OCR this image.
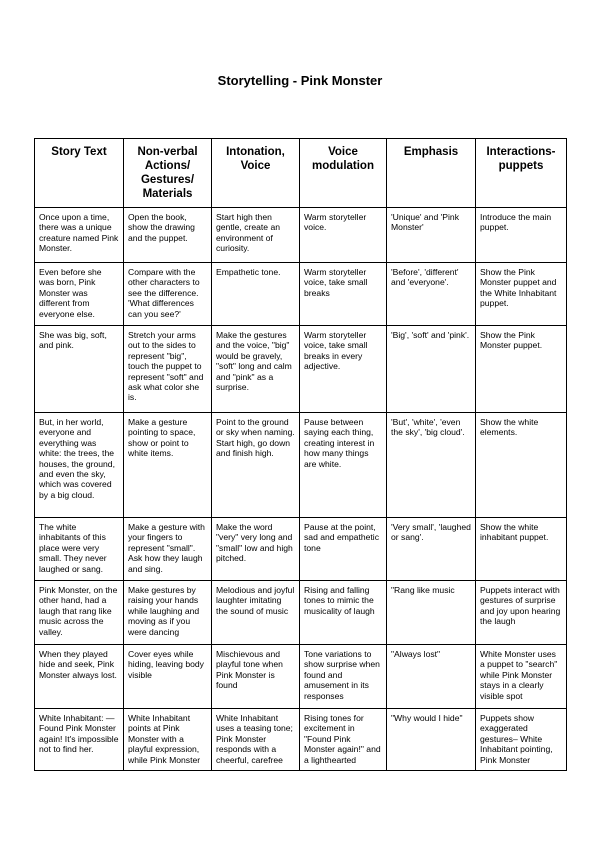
Storytelling - Pink Monster
Story Text	Non-verbal Actions/ Gestures/ Materials	Intonation, Voice	Voice modulation	Emphasis	Interactions-puppets
Once upon a time, there was a unique creature named Pink Monster.	Open the book, show the drawing and the puppet.	Start high then gentle, create an environment of curiosity.	Warm storyteller voice.	'Unique' and 'Pink Monster'	Introduce the main puppet.
Even before she was born, Pink Monster was different from everyone else.	Compare with the other characters to see the difference. 'What differences can you see?'	Empathetic tone.	Warm storyteller voice, take small breaks	'Before', 'different' and 'everyone'.	Show the Pink Monster puppet and the White Inhabitant puppet.
She was big, soft, and pink.	Stretch your arms out to the sides to represent "big", touch the puppet to represent "soft" and ask what color she is.	Make the gestures and the voice, "big" would be gravely, "soft" long and calm and "pink" as a surprise.	Warm storyteller voice, take small breaks in every adjective.	'Big', 'soft' and 'pink'.	Show the Pink Monster puppet.
But, in her world, everyone and everything was white: the trees, the houses, the ground, and even the sky, which was covered by a big cloud.	Make a gesture pointing to space, show or point to white items.	Point to the ground or sky when naming. Start high, go down and finish high.	Pause between saying each thing, creating interest in how many things are white.	'But', 'white', 'even the sky', 'big cloud'.	Show the white elements.
The white inhabitants of this place were very small. They never laughed or sang.	Make a gesture with your fingers to represent "small". Ask how they laugh and sing.	Make the word "very" very long and "small" low and high pitched.	Pause at the point, sad and empathetic tone	'Very small', 'laughed or sang'.	Show the white inhabitant puppet.
Pink Monster, on the other hand, had a laugh that rang like music across the valley.	Make gestures by raising your hands while laughing and moving as if you were dancing	Melodious and joyful laughter imitating the sound of music	Rising and falling tones to mimic the musicality of laugh	"Rang like music	Puppets interact with gestures of surprise and joy upon hearing the laugh
When they played hide and seek, Pink Monster always lost.	Cover eyes while hiding, leaving body visible	Mischievous and playful tone when Pink Monster is found	Tone variations to show surprise when found and amusement in its responses	"Always lost"	White Monster uses a puppet to "search" while Pink Monster stays in a clearly visible spot
White Inhabitant: —Found Pink Monster again! It's impossible not to find her.	White Inhabitant points at Pink Monster with a playful expression, while Pink Monster	White Inhabitant uses a teasing tone; Pink Monster responds with a cheerful, carefree	Rising tones for excitement in "Found Pink Monster again!" and a lighthearted	"Why would I hide"	Puppets show exaggerated gestures– White Inhabitant pointing, Pink Monster
